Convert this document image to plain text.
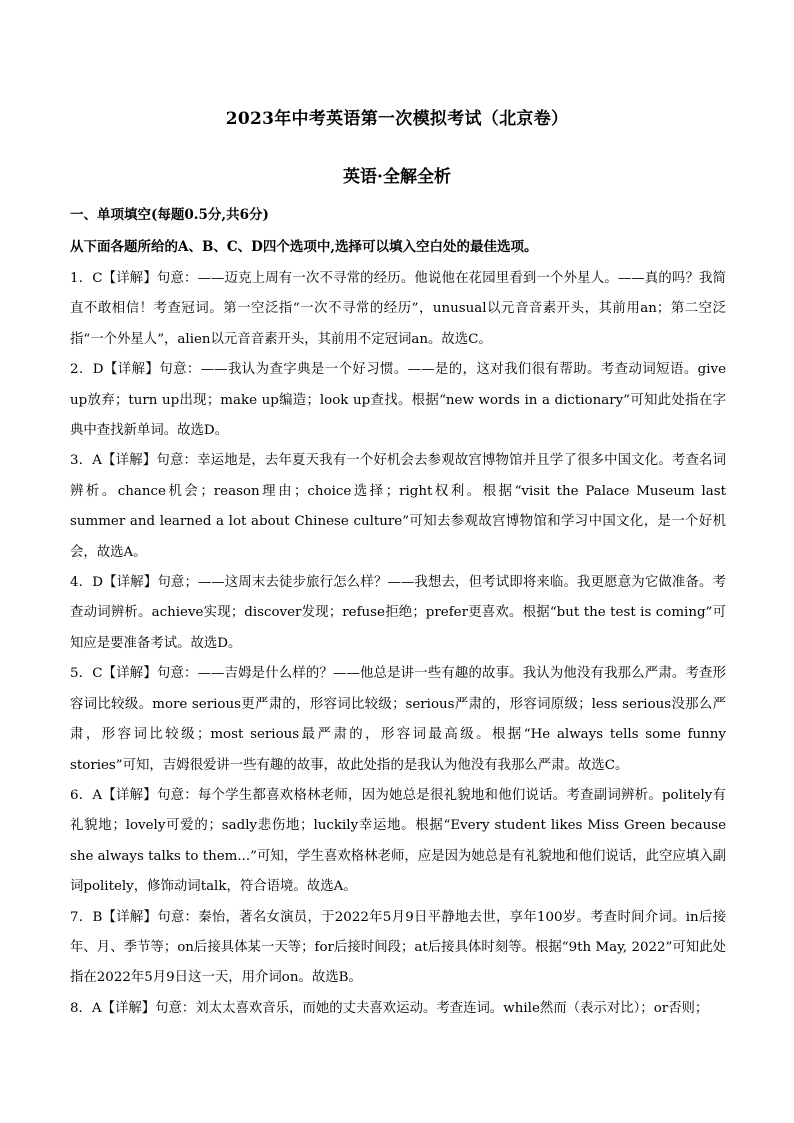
2023年中考英语第一次模拟考试（北京卷）
英语·全解全析
一、单项填空(每题0.5分,共6分)
从下面各题所给的A、B、C、D四个选项中,选择可以填入空白处的最佳选项。

1．C【详解】句意：——迈克上周有一次不寻常的经历。他说他在花园里看到一个外星人。——真的吗？我简直不敢相信！考查冠词。第一空泛指“一次不寻常的经历”，unusual以元音音素开头，其前用an；第二空泛指“一个外星人”，alien以元音音素开头，其前用不定冠词an。故选C。

2．D【详解】句意：——我认为查字典是一个好习惯。——是的，这对我们很有帮助。考查动词短语。give up放弃；turn up出现；make up编造；look up查找。根据“new words in a dictionary”可知此处指在字典中查找新单词。故选D。

3．A【详解】句意：幸运地是，去年夏天我有一个好机会去参观故宫博物馆并且学了很多中国文化。考查名词辨析。chance机会；reason理由；choice选择；right权利。根据“visit the Palace Museum last summer and learned a lot about Chinese culture”可知去参观故宫博物馆和学习中国文化，是一个好机会，故选A。

4．D【详解】句意；——这周末去徒步旅行怎么样？——我想去，但考试即将来临。我更愿意为它做准备。考查动词辨析。achieve实现；discover发现；refuse拒绝；prefer更喜欢。根据“but the test is coming”可知应是要准备考试。故选D。

5．C【详解】句意：——吉姆是什么样的？——他总是讲一些有趣的故事。我认为他没有我那么严肃。考查形容词比较级。more serious更严肃的，形容词比较级；serious严肃的，形容词原级；less serious没那么严肃，形容词比较级；most serious最严肃的，形容词最高级。根据“He always tells some funny stories”可知，吉姆很爱讲一些有趣的故事，故此处指的是我认为他没有我那么严肃。故选C。

6．A【详解】句意：每个学生都喜欢格林老师，因为她总是很礼貌地和他们说话。考查副词辨析。politely有礼貌地；lovely可爱的；sadly悲伤地；luckily幸运地。根据“Every student likes Miss Green because she always talks to them...”可知，学生喜欢格林老师，应是因为她总是有礼貌地和他们说话，此空应填入副词politely，修饰动词talk，符合语境。故选A。

7．B【详解】句意：秦怡，著名女演员，于2022年5月9日平静地去世，享年100岁。考查时间介词。in后接年、月、季节等；on后接具体某一天等；for后接时间段；at后接具体时刻等。根据“9th May, 2022”可知此处指在2022年5月9日这一天，用介词on。故选B。

8．A【详解】句意：刘太太喜欢音乐，而她的丈夫喜欢运动。考查连词。while然而（表示对比）；or否则；
